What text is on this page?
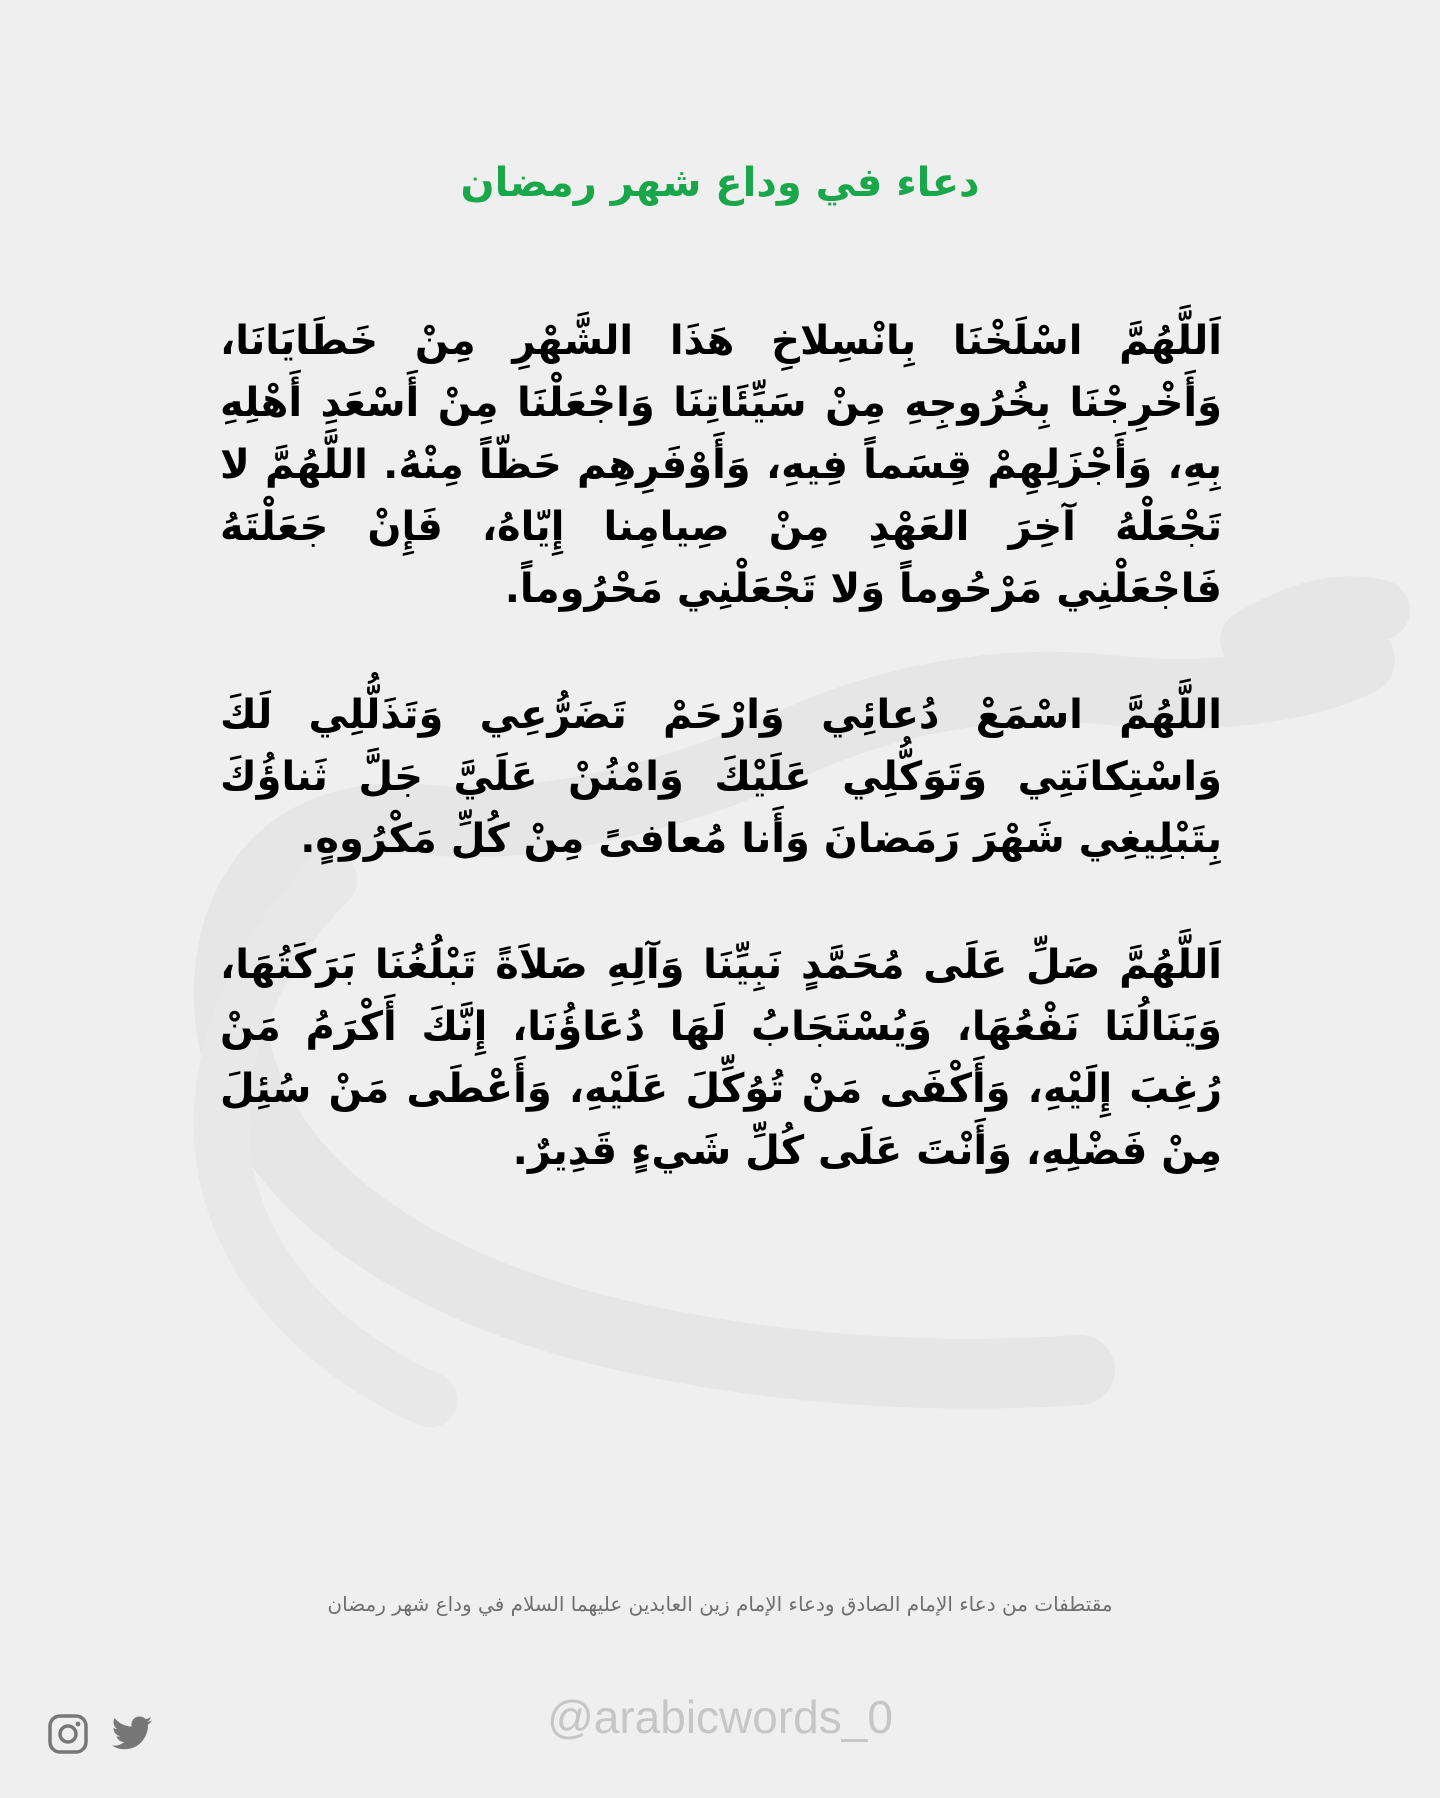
دعاء في وداع شهر رمضان

اَللَّهُمَّ اسْلَخْنَا بِانْسِلاخِ هَذَا الشَّهْرِ مِنْ خَطَايَانَا، وَأَخْرِجْنَا بِخُرُوجِهِ مِنْ سَيِّئَاتِنَا وَاجْعَلْنَا مِنْ أَسْعَدِ أَهْلِهِ بِهِ، وَأَجْزَلِهِمْ قِسَماً فِيهِ، وَأَوْفَرِهِم حَظّاً مِنْهُ. اللَّهُمَّ لا تَجْعَلْهُ آخِرَ العَهْدِ مِنْ صِيامِنا إِيّاهُ، فَإِنْ جَعَلْتَهُ فَاجْعَلْنِي مَرْحُوماً وَلا تَجْعَلْنِي مَحْرُوماً.

اللَّهُمَّ اسْمَعْ دُعائِي وَارْحَمْ تَضَرُّعِي وَتَذَلُّلِي لَكَ وَاسْتِكانَتِي وَتَوَكُّلِي عَلَيْكَ وَامْنُنْ عَلَيَّ جَلَّ ثَناؤُكَ بِتَبْلِيغِي شَهْرَ رَمَضانَ وَأَنا مُعافىً مِنْ كُلِّ مَكْرُوهٍ.

اَللَّهُمَّ صَلِّ عَلَى مُحَمَّدٍ نَبِيِّنَا وَآلِهِ صَلاَةً تَبْلُغُنَا بَرَكَتُهَا، وَيَنَالُنَا نَفْعُهَا، وَيُسْتَجَابُ لَهَا دُعَاؤُنَا، إِنَّكَ أَكْرَمُ مَنْ رُغِبَ إِلَيْهِ، وَأَكْفَى مَنْ تُوُكِّلَ عَلَيْهِ، وَأَعْطَى مَنْ سُئِلَ مِنْ فَضْلِهِ، وَأَنْتَ عَلَى كُلِّ شَيءٍ قَدِيرٌ.

مقتطفات من دعاء الإمام الصادق ودعاء الإمام زين العابدين عليهما السلام في وداع شهر رمضان
@arabicwords_0
